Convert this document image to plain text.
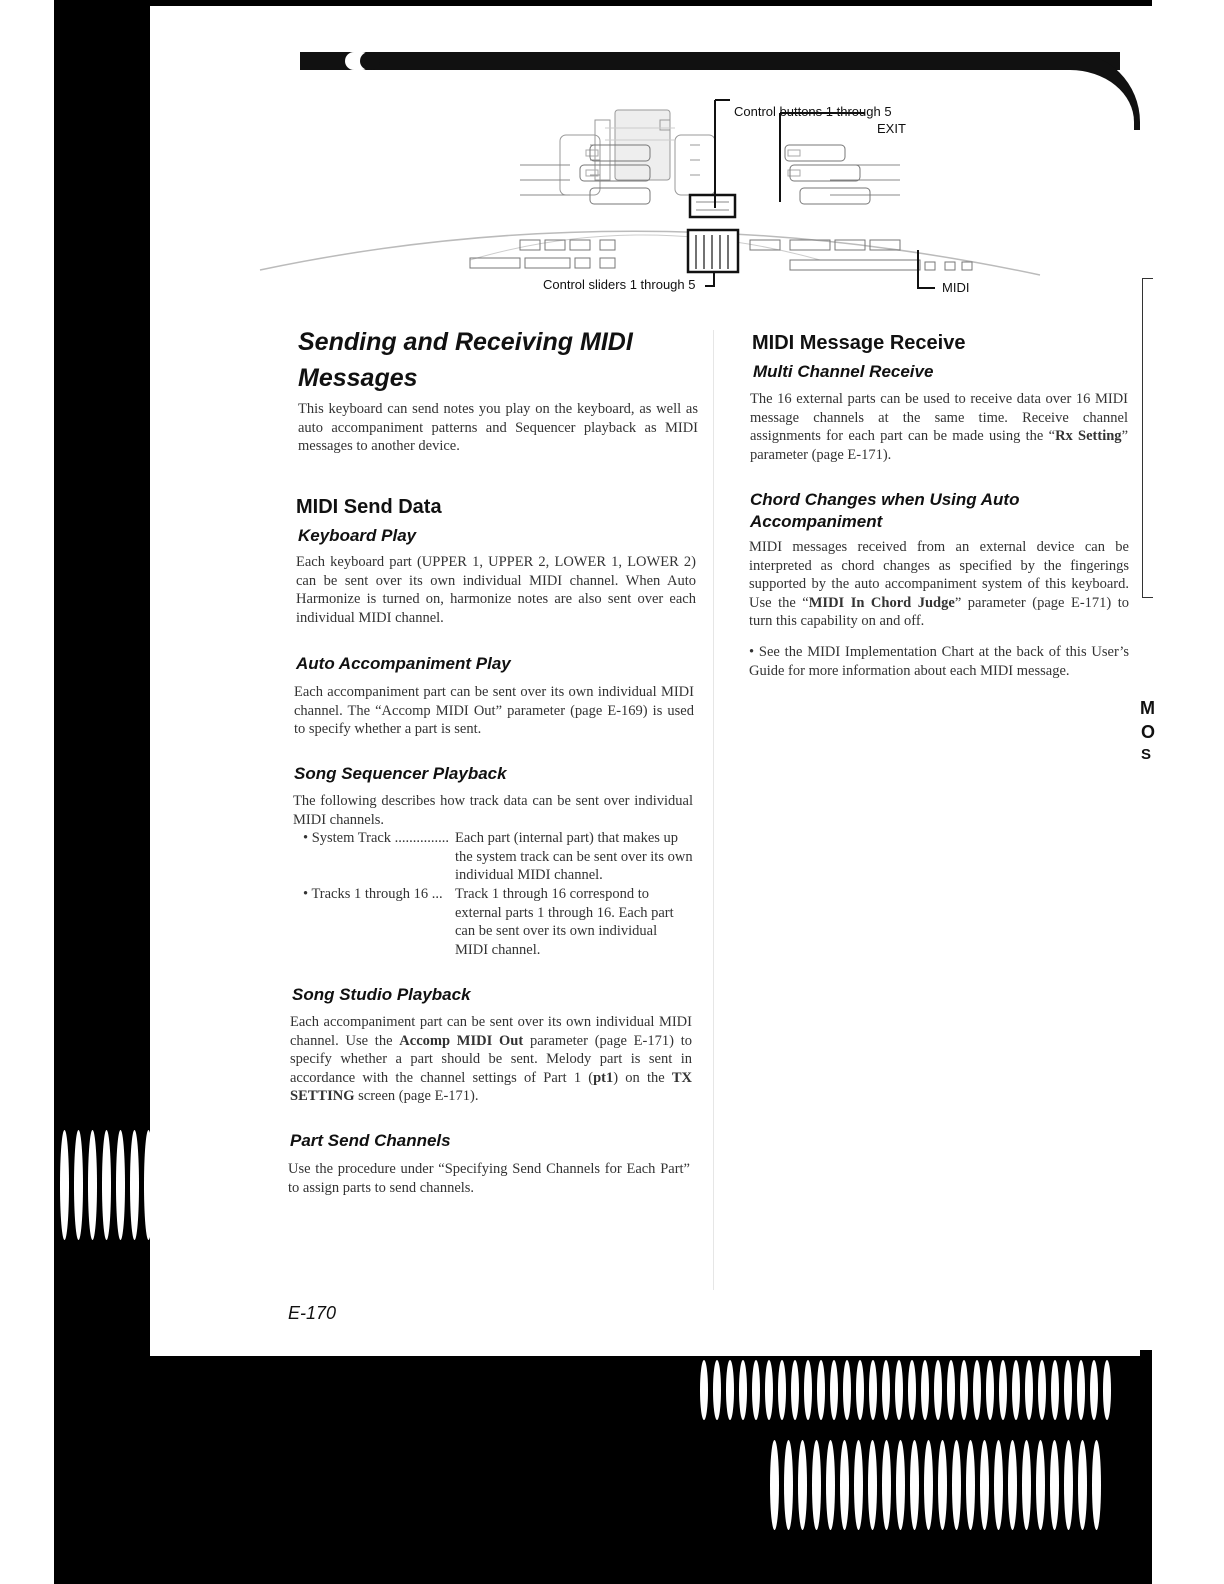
Control buttons 1 through 5
EXIT
Control sliders 1 through 5	MIDI
Sending and Receiving MIDI Messages

This keyboard can send notes you play on the keyboard, as well as auto accompaniment patterns and Sequencer playback as MIDI messages to another device.

MIDI Send Data
Keyboard Play

Each keyboard part (UPPER 1, UPPER 2, LOWER 1, LOWER 2) can be sent over its own individual MIDI channel. When Auto Harmonize is turned on, harmonize notes are also sent over each individual MIDI channel.

Auto Accompaniment Play

Each accompaniment part can be sent over its own individual MIDI channel. The “Accomp MIDI Out” parameter (page E-169) is used to specify whether a part is sent.

Song Sequencer Playback

The following describes how track data can be sent over individual MIDI channels.

• System Track ............... Each part (internal part) that makes up the system track can be sent over its own individual MIDI channel.
• Tracks 1 through 16 ... Track 1 through 16 correspond to external parts 1 through 16. Each part can be sent over its own individual MIDI channel.
Song Studio Playback

Each accompaniment part can be sent over its own individual MIDI channel. Use the Accomp MIDI Out parameter (page E-171) to specify whether a part should be sent. Melody part is sent in accordance with the channel settings of Part 1 (pt1) on the TX SETTING screen (page E-171).

Part Send Channels

Use the procedure under “Specifying Send Channels for Each Part” to assign parts to send channels.

E-170
MIDI Message Receive
Multi Channel Receive

The 16 external parts can be used to receive data over 16 MIDI message channels at the same time. Receive channel assignments for each part can be made using the “Rx Setting” parameter (page E-171).

Chord Changes when Using Auto Accompaniment

MIDI messages received from an external device can be interpreted as chord changes as specified by the fingerings supported by the auto accompaniment system of this keyboard. Use the “MIDI In Chord Judge” parameter (page E-171) to turn this capability on and off.

• See the MIDI Implementation Chart at the back of this User’s Guide for more information about each MIDI message.

M
O
S
